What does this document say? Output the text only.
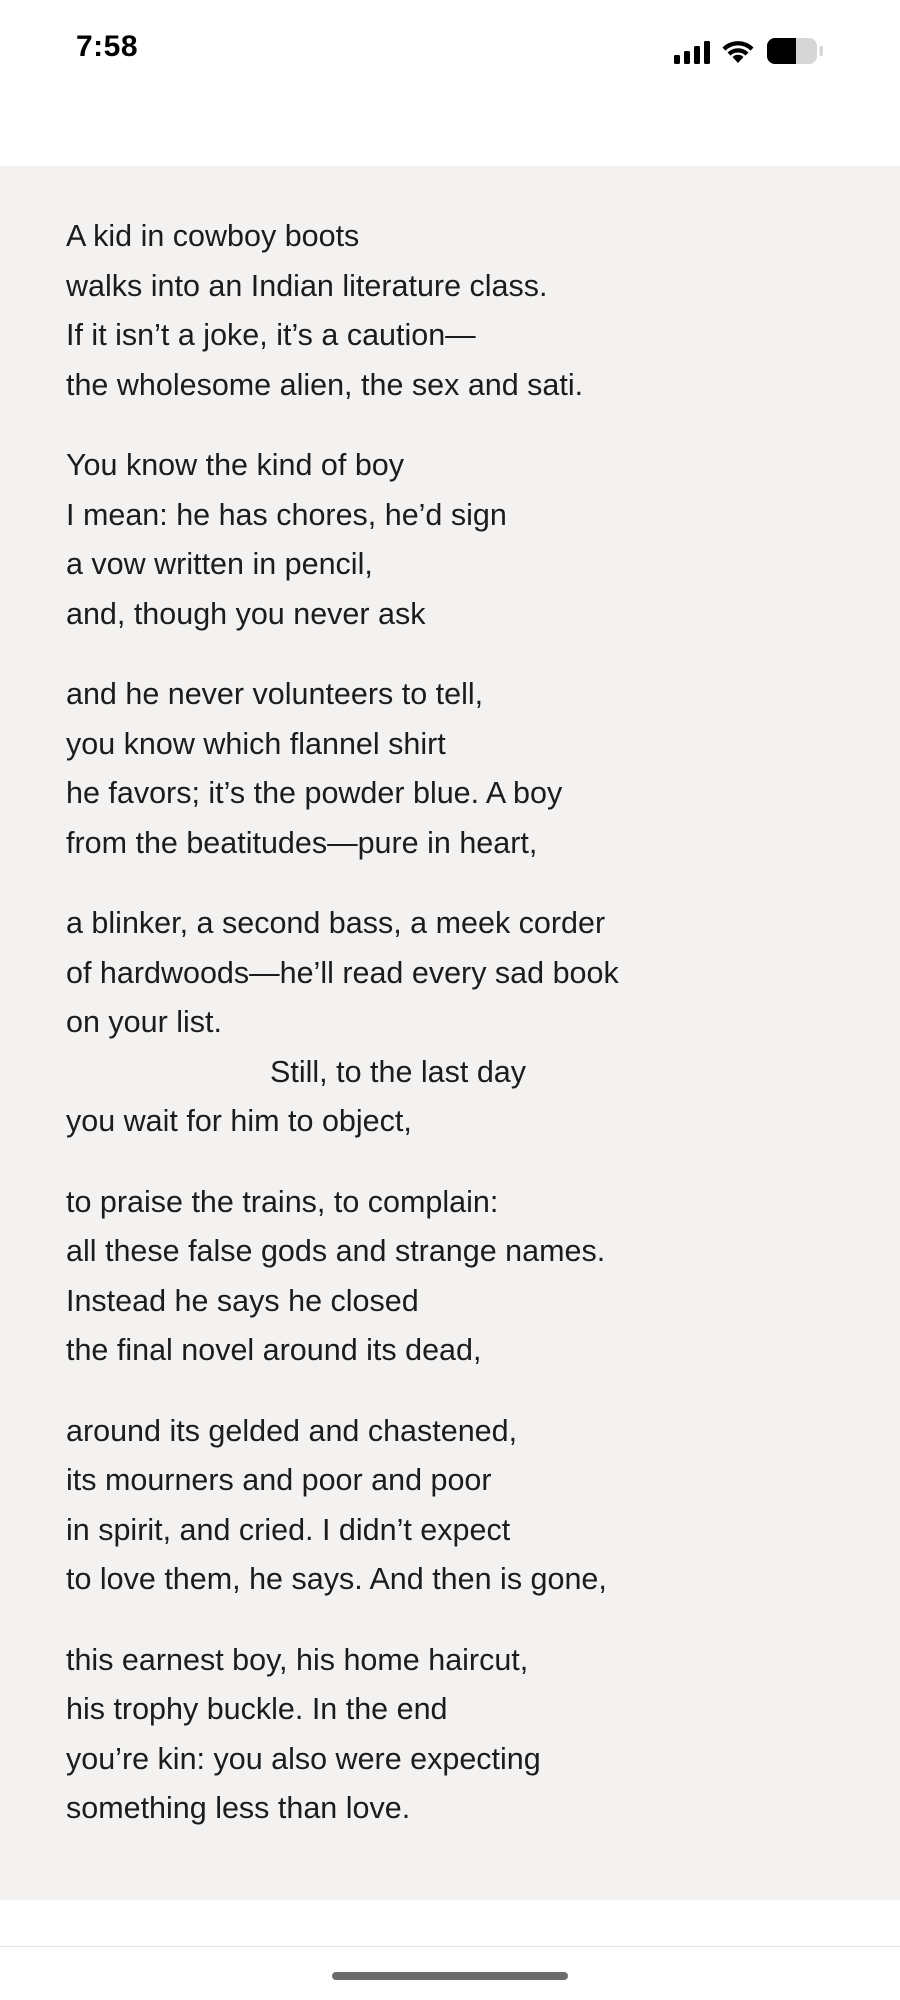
7:58
A kid in cowboy boots
walks into an Indian literature class.
If it isn’t a joke, it’s a caution—
the wholesome alien, the sex and sati.
You know the kind of boy
I mean: he has chores, he’d sign
a vow written in pencil,
and, though you never ask
and he never volunteers to tell,
you know which flannel shirt
he favors; it’s the powder blue. A boy
from the beatitudes—pure in heart,
a blinker, a second bass, a meek corder
of hardwoods—he’ll read every sad book
on your list.
Still, to the last day
you wait for him to object,
to praise the trains, to complain:
all these false gods and strange names.
Instead he says he closed
the final novel around its dead,
around its gelded and chastened,
its mourners and poor and poor
in spirit, and cried. I didn’t expect
to love them, he says. And then is gone,
this earnest boy, his home haircut,
his trophy buckle. In the end
you’re kin: you also were expecting
something less than love.
